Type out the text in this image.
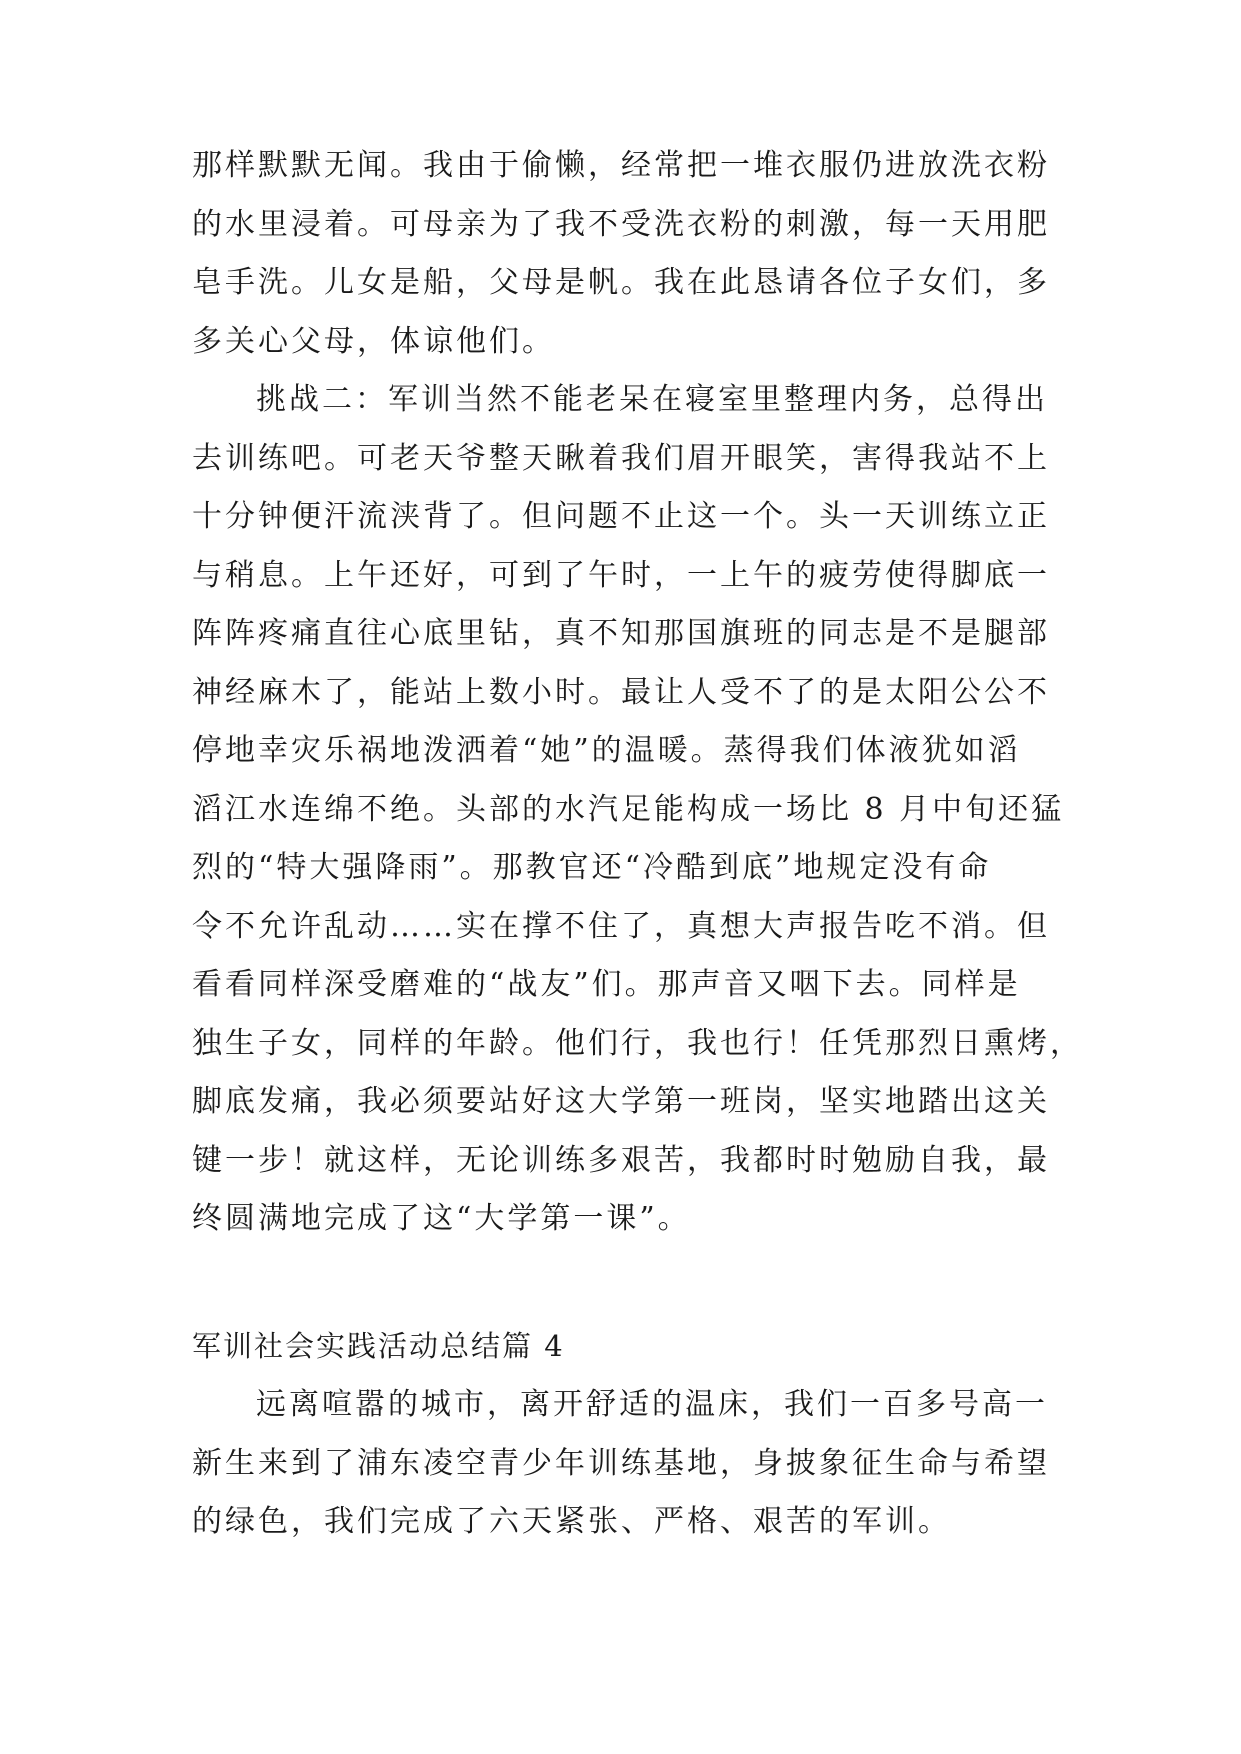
那样默默无闻。我由于偷懒，经常把一堆衣服仍进放洗衣粉
的水里浸着。可母亲为了我不受洗衣粉的刺激，每一天用肥
皂手洗。儿女是船，父母是帆。我在此恳请各位子女们，多
多关心父母，体谅他们。
挑战二：军训当然不能老呆在寝室里整理内务，总得出
去训练吧。可老天爷整天瞅着我们眉开眼笑，害得我站不上
十分钟便汗流浃背了。但问题不止这一个。头一天训练立正
与稍息。上午还好，可到了午时，一上午的疲劳使得脚底一
阵阵疼痛直往心底里钻，真不知那国旗班的同志是不是腿部
神经麻木了，能站上数小时。最让人受不了的是太阳公公不
停地幸灾乐祸地泼洒着“她”的温暖。蒸得我们体液犹如滔
滔江水连绵不绝。头部的水汽足能构成一场比 8 月中旬还猛
烈的“特大强降雨”。那教官还“冷酷到底”地规定没有命
令不允许乱动……实在撑不住了，真想大声报告吃不消。但
看看同样深受磨难的“战友”们。那声音又咽下去。同样是
独生子女，同样的年龄。他们行，我也行！任凭那烈日熏烤，
脚底发痛，我必须要站好这大学第一班岗，坚实地踏出这关
键一步！就这样，无论训练多艰苦，我都时时勉励自我，最
终圆满地完成了这“大学第一课”。
军训社会实践活动总结篇 4
远离喧嚣的城市，离开舒适的温床，我们一百多号高一
新生来到了浦东凌空青少年训练基地，身披象征生命与希望
的绿色，我们完成了六天紧张、严格、艰苦的军训。
